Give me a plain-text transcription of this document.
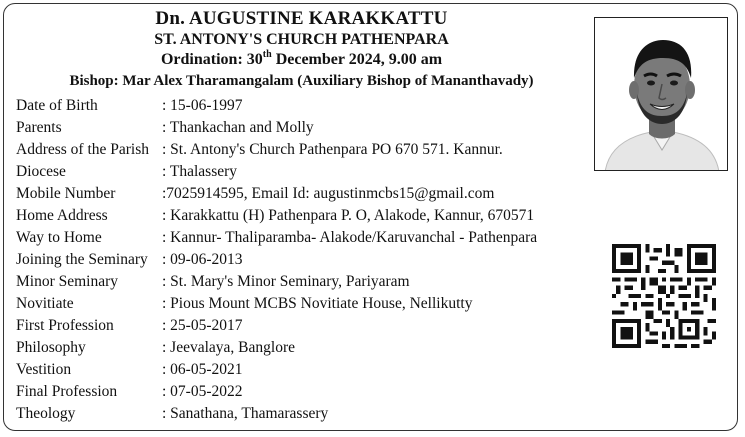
Dn. AUGUSTINE KARAKKATTU
ST. ANTONY'S CHURCH PATHENPARA
Ordination: 30th December 2024, 9.00 am
Bishop: Mar Alex Tharamangalam (Auxiliary Bishop of Mananthavady)
Date of Birth	: 15-06-1997
Parents	: Thankachan and Molly
Address of the Parish : St. Antony's Church Pathenpara PO 670 571. Kannur.
Diocese	: Thalassery
Mobile Number	:7025914595, Email Id: augustinmcbs15@gmail.com
Home Address	: Karakkattu (H) Pathenpara P. O, Alakode, Kannur, 670571
Way to Home	: Kannur- Thaliparamba- Alakode/Karuvanchal - Pathenpara
Joining the Seminary : 09-06-2013
Minor Seminary	: St. Mary's Minor Seminary, Pariyaram
Novitiate	: Pious Mount MCBS Novitiate House, Nellikutty
First Profession	: 25-05-2017
Philosophy	: Jeevalaya, Banglore
Vestition	: 06-05-2021
Final Profession	: 07-05-2022
Theology	: Sanathana, Thamarassery
